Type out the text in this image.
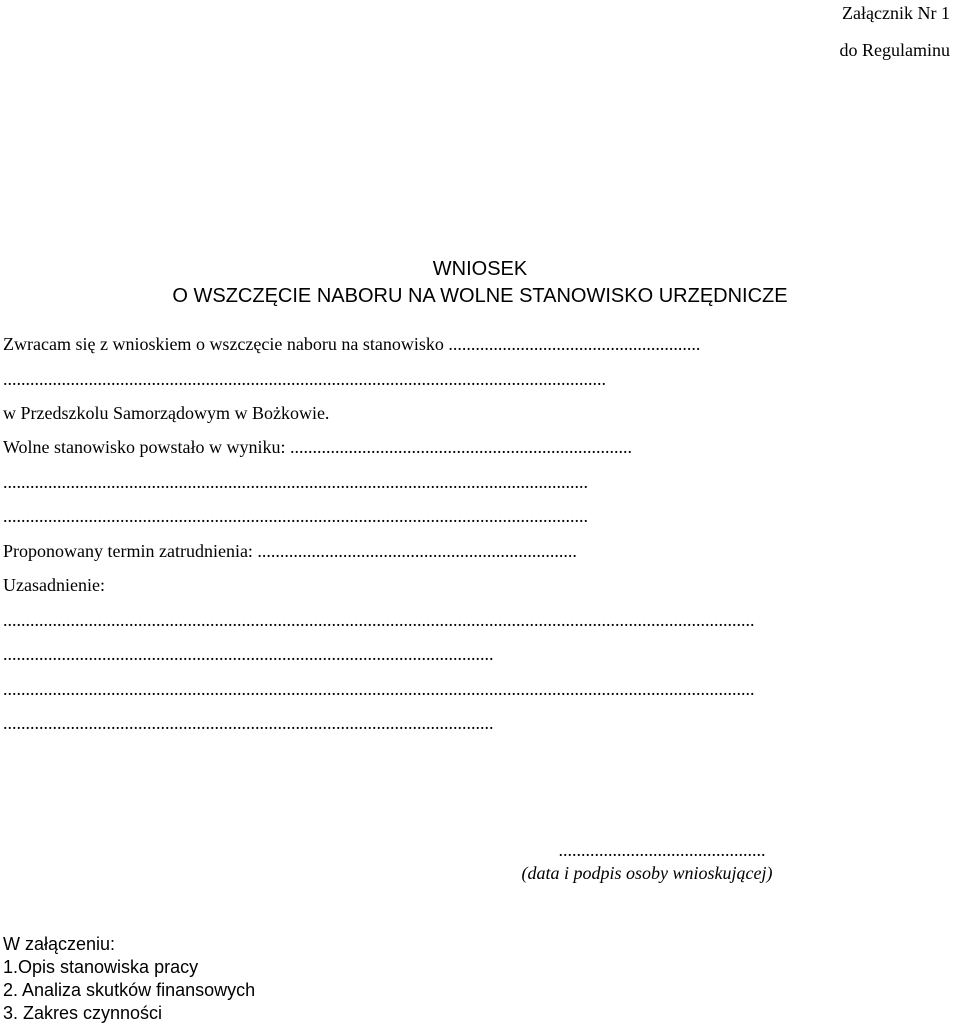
Załącznik Nr 1
do Regulaminu
WNIOSEK
O WSZCZĘCIE NABORU NA WOLNE STANOWISKO URZĘDNICZE
Zwracam się z wnioskiem o wszczęcie naboru na stanowisko ........................................................
......................................................................................................................................
w Przedszkolu Samorządowym w Bożkowie.
Wolne stanowisko powstało w wyniku: ............................................................................
..................................................................................................................................
..................................................................................................................................
Proponowany termin zatrudnienia: .......................................................................
Uzasadnienie:
.......................................................................................................................................................................
.............................................................................................................
.......................................................................................................................................................................
.............................................................................................................
..............................................
(data i podpis osoby wnioskującej)
W załączeniu:
1.Opis stanowiska pracy
2. Analiza skutków finansowych
3. Zakres czynności
